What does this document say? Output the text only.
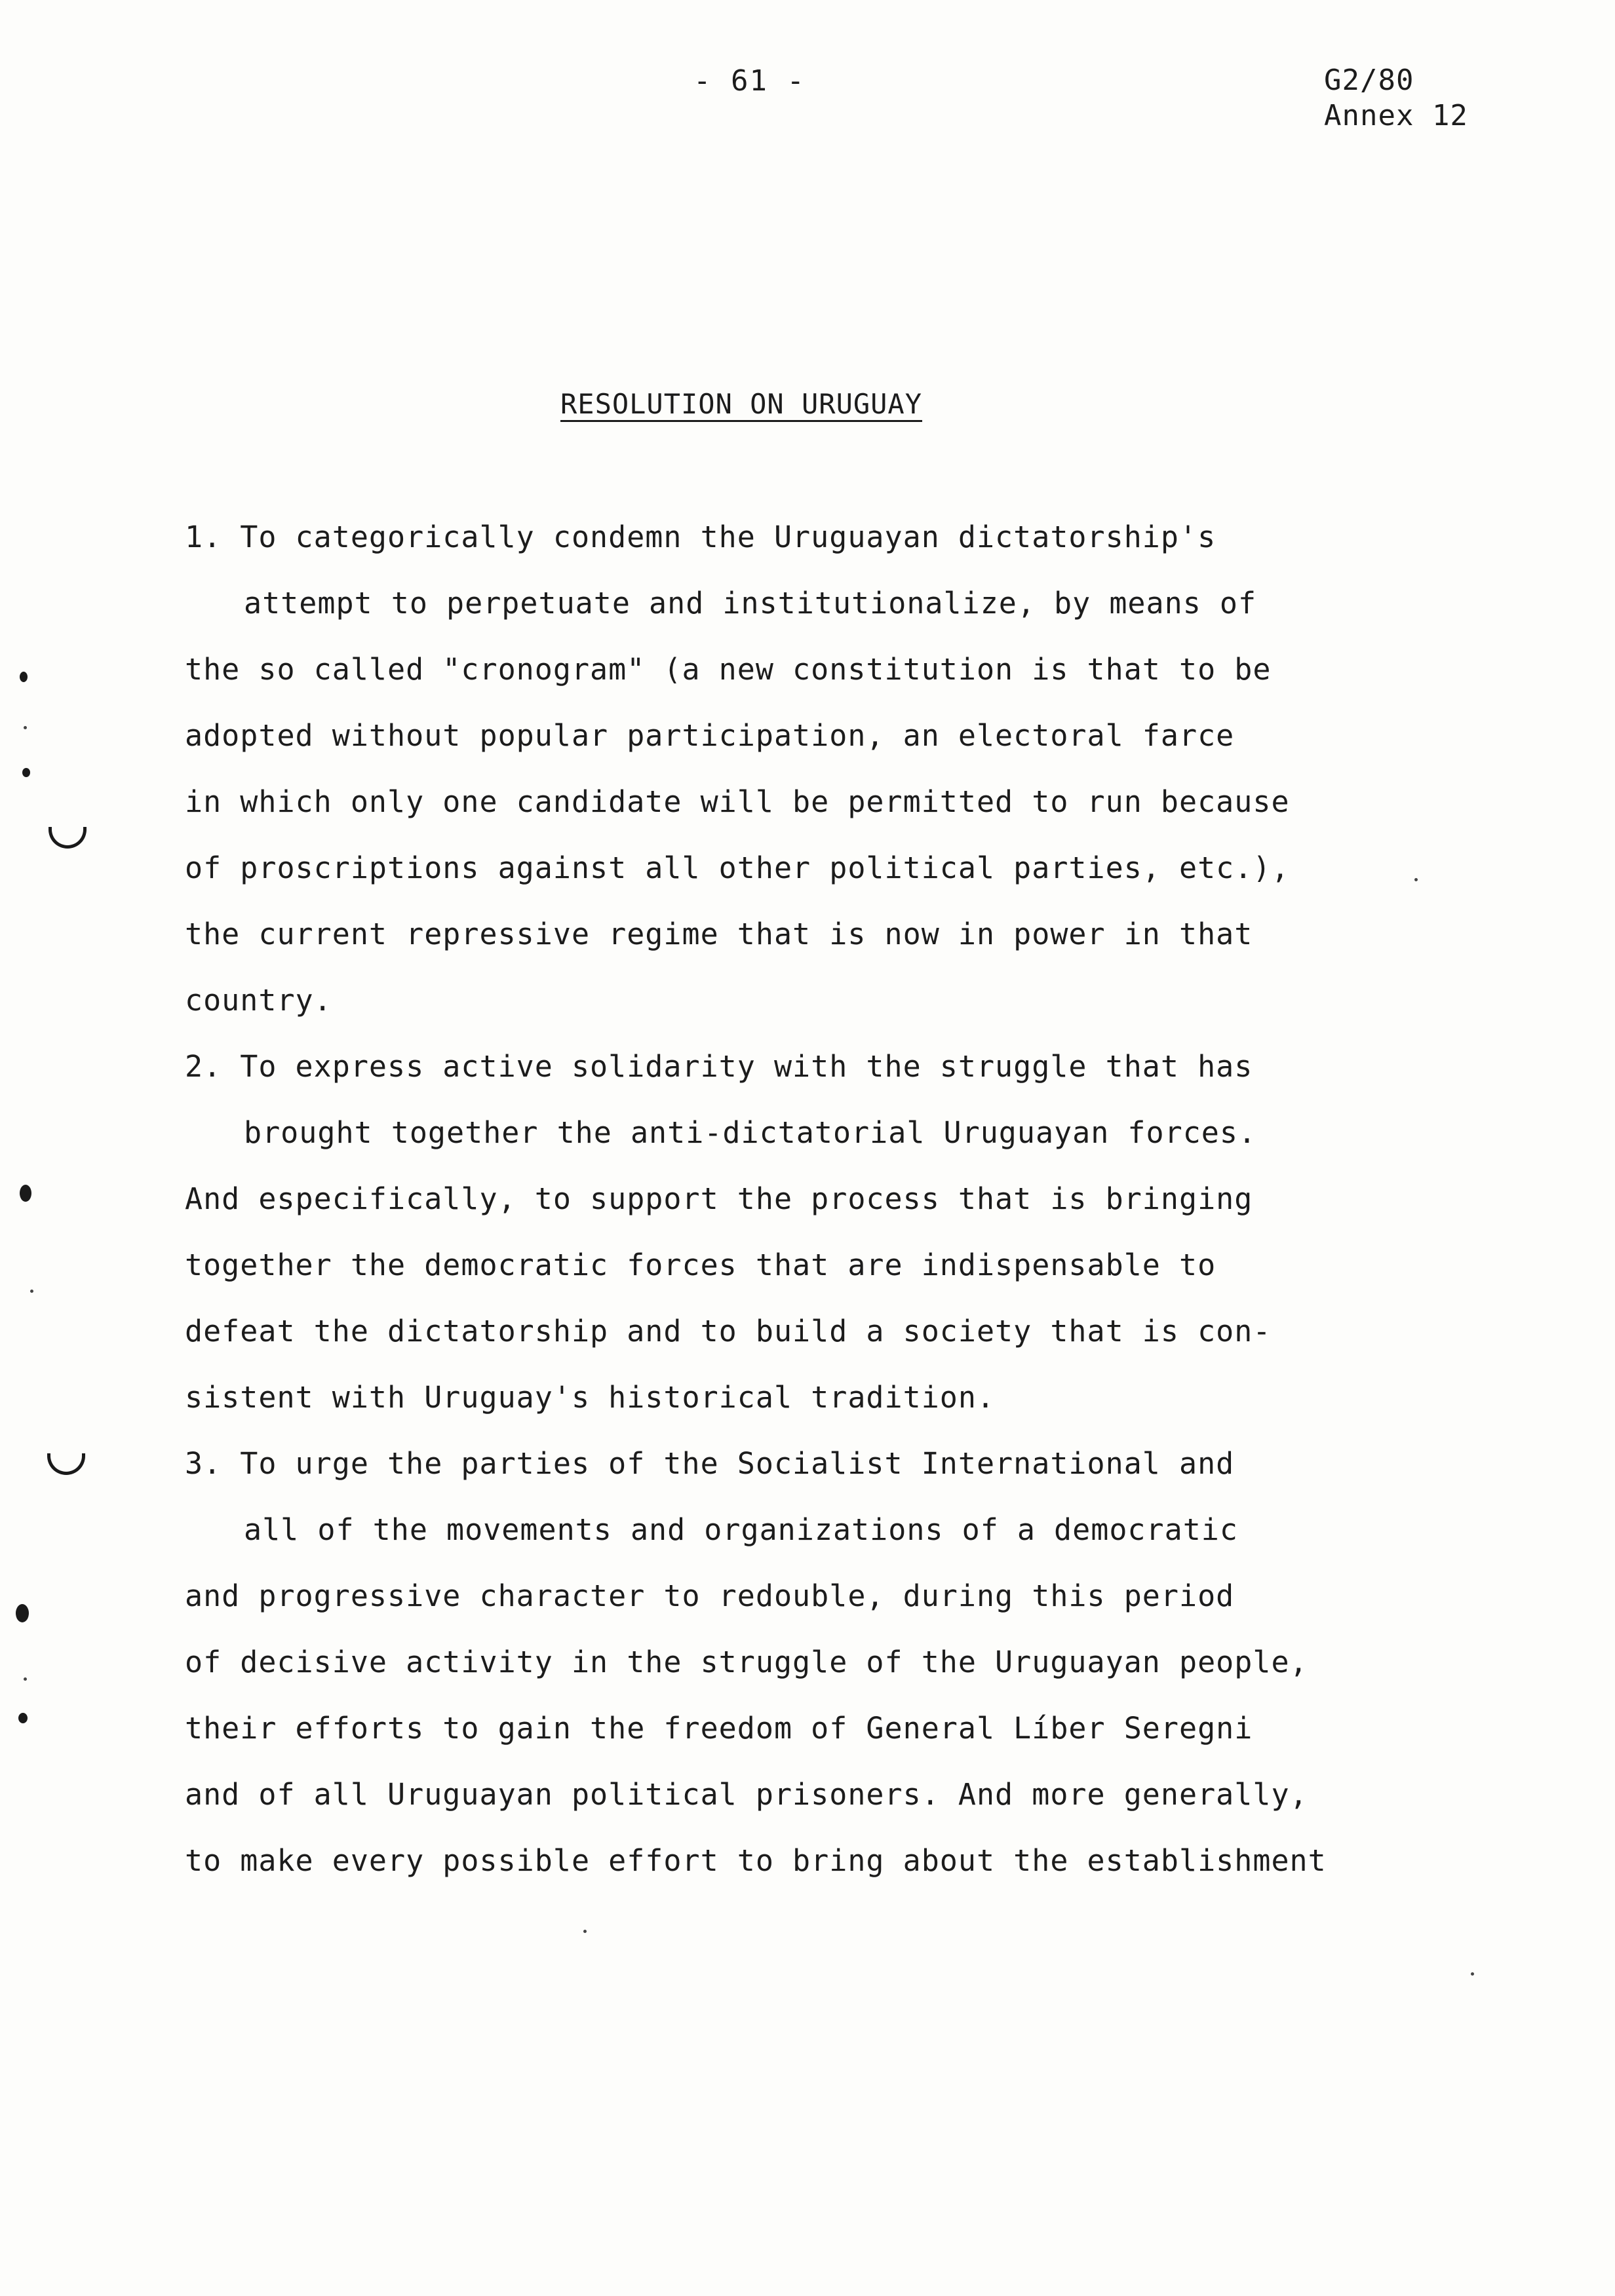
- 61 -	G2/80
Annex 12
RESOLUTION ON URUGUAY
1. To categorically condemn the Uruguayan dictatorship's
attempt to perpetuate and institutionalize, by means of
the so called "cronogram" (a new constitution is that to be
adopted without popular participation, an electoral farce
in which only one candidate will be permitted to run because
of proscriptions against all other political parties, etc.),
the current repressive regime that is now in power in that
country.
2. To express active solidarity with the struggle that has
brought together the anti-dictatorial Uruguayan forces.
And especifically, to support the process that is bringing
together the democratic forces that are indispensable to
defeat the dictatorship and to build a society that is con-
sistent with Uruguay's historical tradition.
3. To urge the parties of the Socialist International and
all of the movements and organizations of a democratic
and progressive character to redouble, during this period
of decisive activity in the struggle of the Uruguayan people,
their efforts to gain the freedom of General Líber Seregni
and of all Uruguayan political prisoners. And more generally,
to make every possible effort to bring about the establishment
